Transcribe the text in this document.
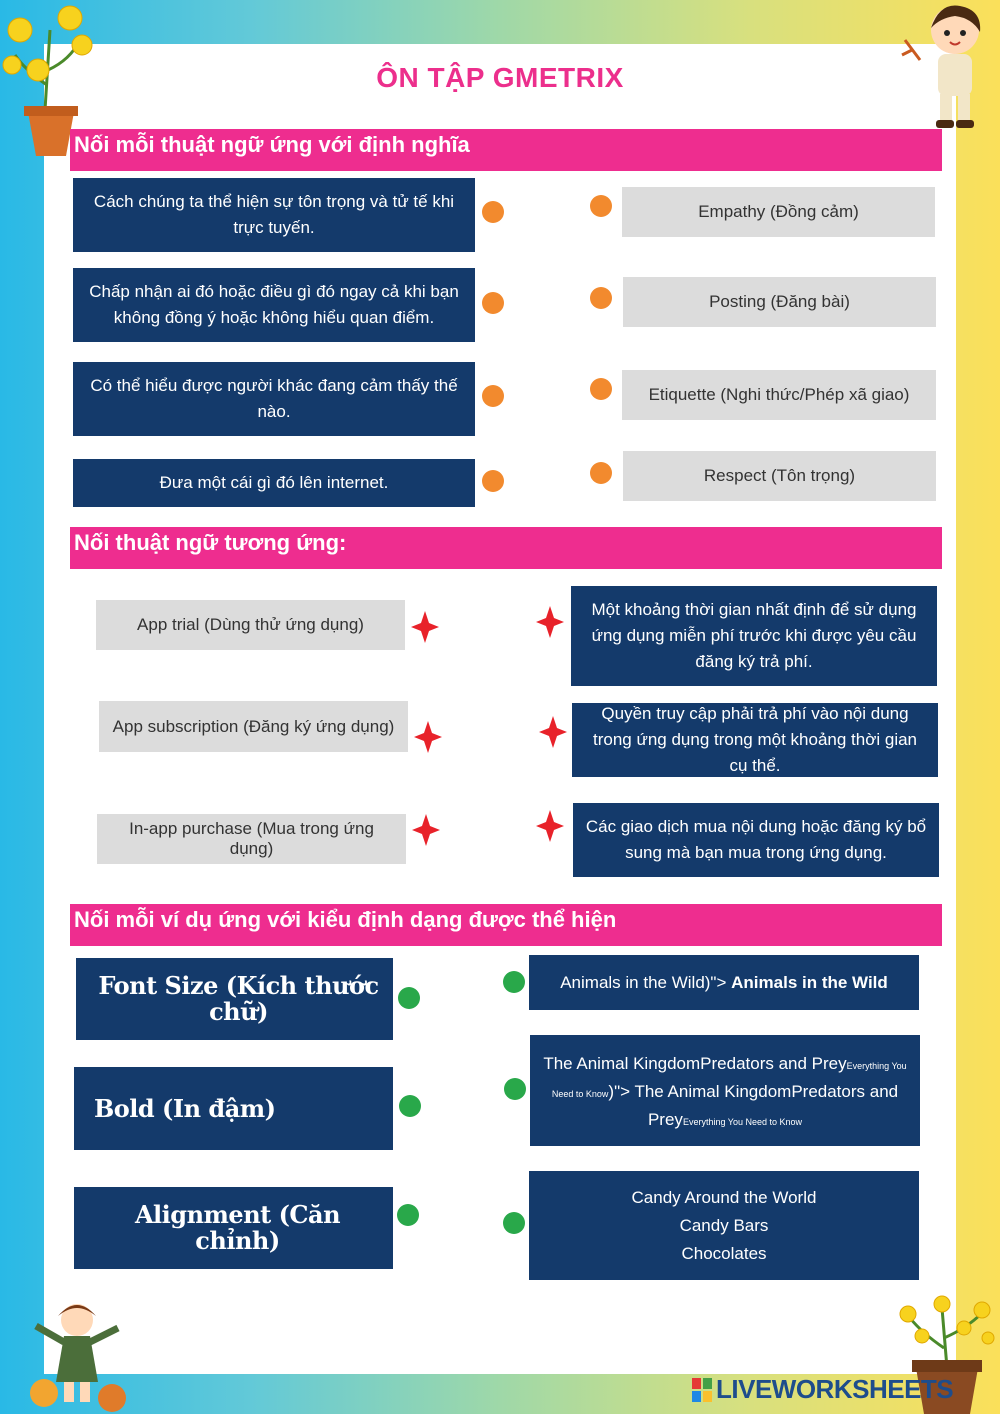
ÔN TẬP GMETRIX
Nối mỗi thuật ngữ ứng với định nghĩa
Cách chúng ta thể hiện sự tôn trọng và tử tế khi trực tuyến.
Chấp nhận ai đó hoặc điều gì đó ngay cả khi bạn không đồng ý hoặc không hiểu quan điểm.
Có thể hiểu được người khác đang cảm thấy thế nào.
Đưa một cái gì đó lên internet.
Empathy (Đồng cảm)
Posting (Đăng bài)
Etiquette (Nghi thức/Phép xã giao)
Respect (Tôn trọng)
Nối thuật ngữ tương ứng:
App trial (Dùng thử ứng dụng)
App subscription (Đăng ký ứng dụng)
In-app purchase (Mua trong ứng dụng)
Một khoảng thời gian nhất định để sử dụng ứng dụng miễn phí trước khi được yêu cầu đăng ký trả phí.
Quyền truy cập phải trả phí vào nội dung trong ứng dụng trong một khoảng thời gian cụ thể.
Các giao dịch mua nội dung hoặc đăng ký bổ sung mà bạn mua trong ứng dụng.
Nối mỗi ví dụ ứng với kiểu định dạng được thể hiện
Font Size (Kích thước chữ)
Bold (In đậm)
Alignment (Căn chỉnh)
Animals in the Wild)">
Animals in the Wild
The Animal KingdomPredators and PreyEverything You Need to Know)"> The Animal KingdomPredators and PreyEverything You Need to Know
Candy Around the World
Candy Bars
Chocolates
LIVEWORKSHEETS
